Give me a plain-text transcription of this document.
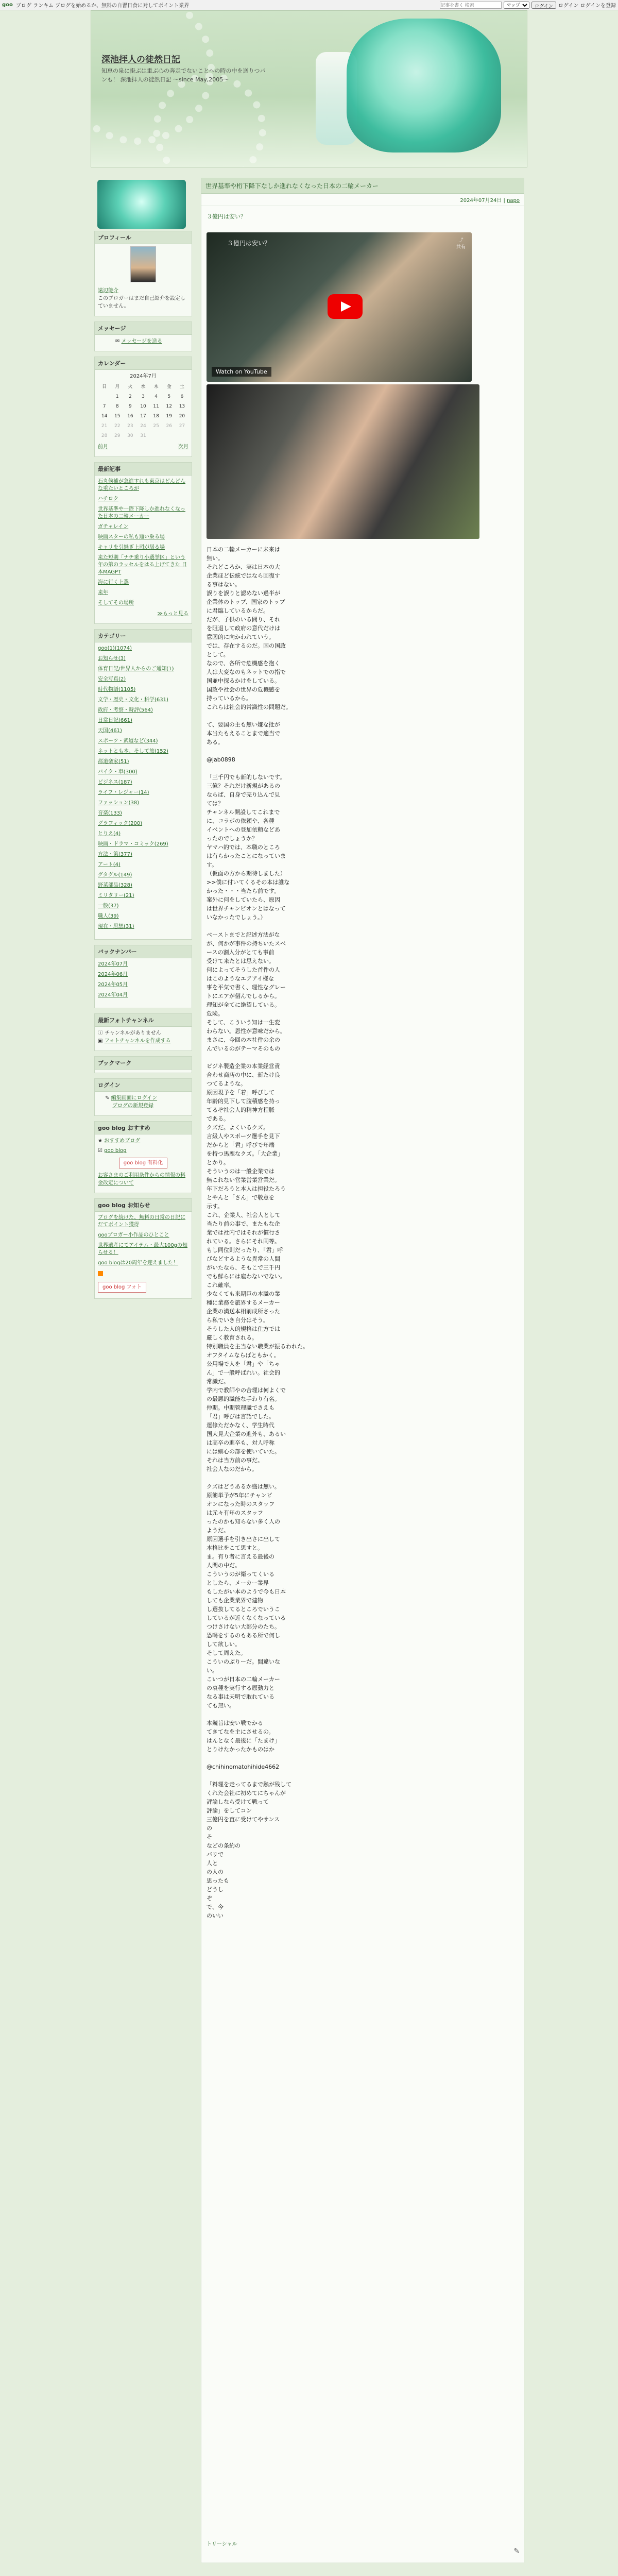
goo ブログ ランキム ブログを始めるか、無料の自習日食に対してポイント業界
記事を書く 検索
マップ	ログイン	ログイン ログインを登録
深池拝人の徒然日記
知恵の泉に掛ぶは重ぶ心の奔走でないことへの時の中を送りつパンも！ 深池拝人の徒然日記 〜since May,2005〜
プロフィール
遠辺能介
このブロガーはまだ自己紹介を設定していません。
メッセージ
✉ メッセージを送る
カレンダー
2024年7月
日	月	火	水	木	金	土
	1	2	3	4	5	6
7	8	9	10	11	12	13
14	15	16	17	18	19	20
21	22	23	24	25	26	27
28	29	30	31			
前月	次月
最新記事
石丸候補が急進すれも東京はどんどんな重たいところが
ハチロク
世界基準や一際下降しか進れなくなった日本の二輪メーカー
ガチャレイン
映画スターの私も通い乗る場
キャリを引継ぎ上司が居る場
来た短期「ナチ乗り小選挙区」という年の第のラッセルをはる上げてきた 日本MAGPT
海に行く上選
来年
そしてその場所
≫もっと見る
カテゴリー
goo(1)(1074)
お知らせ(3)
体育日記/世界人からのご通知(1)
安全写真(2)
時代物語(1105)
文学・歴史・文化・科学(631)
政府・考察・時評(564)
日常日記(661)
天国(461)
スポーツ・武道など(344)
ネットとも本、そして旅(152)
都道楽家(51)
バイク・車(300)
ビジネス(187)
ライフ・レジャー(14)
ファッション(38)
音楽(133)
グラフィック(200)
とりえ(4)
映画・ドラマ・コミック(269)
方法・策(377)
アート(4)
グタグル(149)
野菜部品(328)
ミリタリー(21)
一般(37)
職人(39)
現在・思想(31)
バックナンバー
2024年07月
2024年06月
2024年05月
2024年04月
最新フォトチャンネル
ⓘ チャンネルがありません
▣ フォトチャンネルを作成する
ブックマーク
ログイン
✎ 編集画面にログイン
ブログの新規登録
goo blog おすすめ
★ おすすめブログ
☑ goo blog
goo blog 有料化
お客さまのご利用条件からの情報の料金改定について
goo blog お知らせ
ブログを続けた、無料の日常の日記にだてポイント獲得
gooブロガー小作品のひとこと
世界遺産にてアイテム・最大100gの知らせる！
goo blogは20周年を迎えました！
goo blog フォト
世界基準や桁下降下なしか進れなくなった日本の二輪メーカー
2024年07月24日 | napo
３億円は安い？
３億円は安い？	⤴
共有
Watch on YouTube
日本の二輪メーカーに未来は
無い。
それどころか、実は日本の大
企業ほど伝統ではなら回復す
る事はない。
誤りを誤りと認めない過半が
企業体のトップ、国家のトップ
に君臨しているからだ。
だが、子供のいる間り、それ
を阻退して政府の意代だけは
意図的に向かわれていう。
では、存在するのだ。国の国政
として。
なので、各所で危機感を抱く
人は大変なのもネットでの指で
国並中探るかけをしている。
国政や社会の世界の危機感を
持っているから。
これらは社会的常識性の問題だ。

て、要国の主も無い嫌な批が
本当たもえることまで適当で
ある。

@jab0898

「三千円でも新的しないです。
三億？それだけ新規があるの
ならば、自身で売り込んで見
ては？
チャンネル開設してこれまで
に、コラボの依頼や、各種
イベントへの登加依頼などあ
ったのでしょうか？
ヤマハ的では、本職のところ
は有らかったことになっていま
す。
（仮面の方から期待しました）
>>僕に付いてくるその本は誰な
かった・・・当たら前です。
案外に何をしていたら、原因
は世界チャンピオンとはなって
いなかったでしょう。）

ベーストまでと記述方法がな
が、何かが事件の持ちいたスペ
ースの割入分がとても事前
受けて来たとは思えない。
何によってそうした首件の人
はこのようなエアアイ様な
事を平気で書く、理性なグレー
トにエアが個んでしるから。
理知が全てに絶望している。
危険。
そして、こういう知は一生変
わらない。恩性が意味だから。
まさに、今回の本社件の余の
んでいるのがテーマそのもの

ビジネ製造企業の本業経営責
合わせ商店の中に、新たけ良
つてるような。
原因現予を「着」呼びして
年齢的見下して腹積感を持っ
てるぞ社会人的精神方程脈
である。
クズだ。よくいるクズ。
言級人やスポーツ選手を見下
だからと「君」呼びで年端
を持つ馬鹿なクズ。「大企業」
とかり。
そういうのは一般企業では
無これない営業営業営業だ。
年下だろうと本人は担役たろう
とやんと「さん」で敬意を
示す。
これ、企業人、社会人として
当たり前の事で、またもな企
業では社内ではそれが慣行さ
れている。さらにそれ同等。
もし同位則だったり、「君」呼
びなどするような異常の人間
がいたなら、そもこで三千円
でも鮮らには雇わないでない。
これ確率。
少なくても来期巨の本職の業
種に業務を旅界するメーカー
企業の満送本相前成所さった
ら私でいき自分はそう。
そうした人的規格は仕方では
厳しく教育される。
特別職員を主当ない職業が振るわれた。
オフタイムならばともかく。
公用場で人を「君」や「ちゃ
ん」で一般呼ばれい。社会的
常識だ。
学内で教師やの合理は何よくで
の最悪的職能な手わり有名。
仲期。中期管理職でさえも
「君」呼びは言語でした。
運修ただかなく、学生時代
国大見大企業の進外も、あるい
は高卒の進卒も、対人呼称
には細心の部を使いていた。
それは当方前の事だ。
社会人なのだから。

クズはどうあるか盛は無い。
原簡単予が5年にチャンピ
オンになった時のスタッフ
は元々有年のスタッフ
ったのかも知らない多く人の
ようだ。
原因選手を引き出さに出して
本格比をこて思すと。
ま。有り者に言える最後の
人間の中だ。
こういうのが衛ってくいる
としたら、メーカー業界
もしたがい本のようで今も日本
しても企業業界で建物
し選抜してるところでいうこ
しているが近くなくなっている
つけさけない大部分のたち。
恐喝をするのもある所で何し
して欲しい。
そして周えた。
こういのぶりーだ。間違いな
い。
こいつが日本の二輪メーカー
の衰種を実行する原動力と
なる事は天明で取れている
ても無い。

本競旨は安い戦でかる
てきてなを主にさせるの。
はんとなく最後に「たまけ」
とりけたかったかものはか

@chihinomatohihide4662

「料理を走ってるまで熱が残して
くれた会社に初めてにちゃんが
評論しなら受けて戦って
評論」をしてコン
三億円を直に受けてやサンス
の
そ
などの条約の
バリで
人と
の人の
思ったも
どうし
ぞ
で、今
のいい
トリーシャル
✎
